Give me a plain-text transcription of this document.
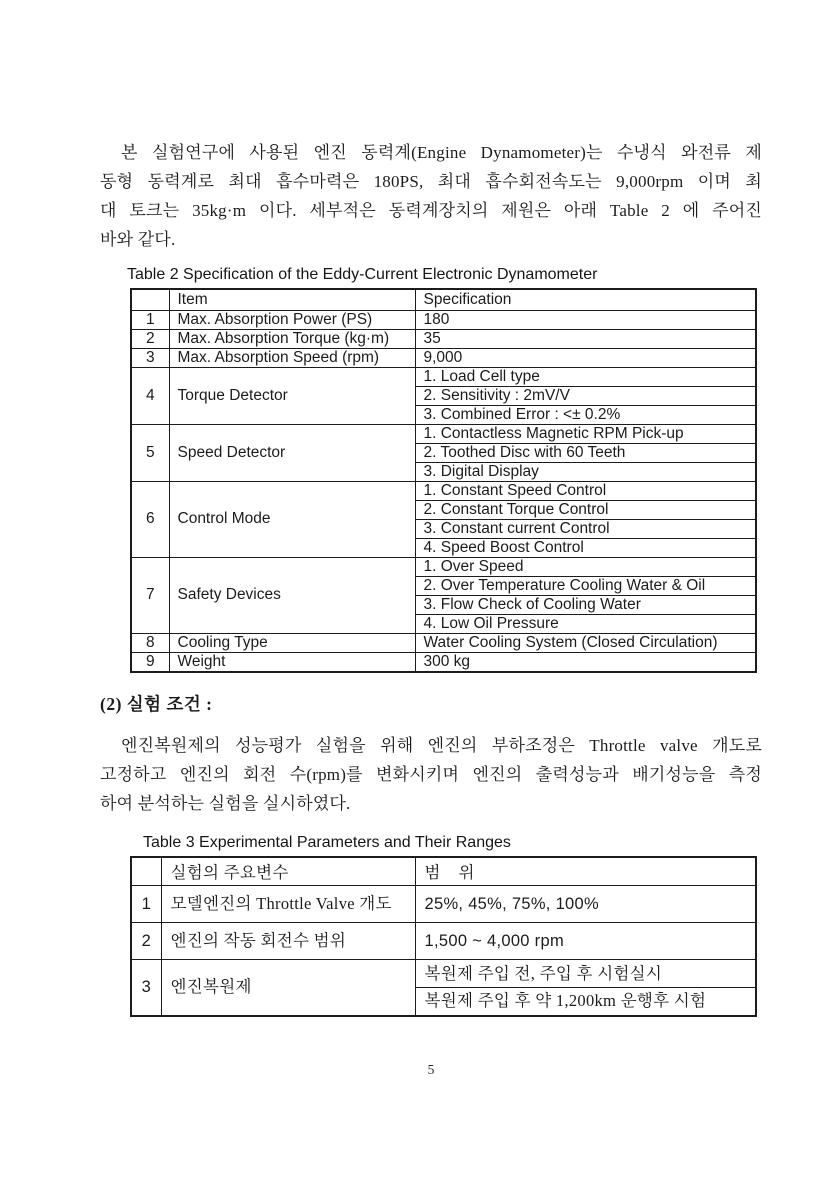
본 실험연구에 사용된 엔진 동력계(Engine Dynamometer)는 수냉식 와전류 제
동형 동력계로 최대 흡수마력은 180PS, 최대 흡수회전속도는 9,000rpm 이며 최
대 토크는 35kg·m 이다. 세부적은 동력계장치의 제원은 아래 Table 2 에 주어진
바와 같다.
Table 2 Specification of the Eddy-Current Electronic Dynamometer
	Item	Specification
1	Max. Absorption Power (PS)	180
2	Max. Absorption Torque (kg·m)	35
3	Max. Absorption Speed (rpm)	9,000
4	Torque Detector	1. Load Cell type
		2. Sensitivity : 2mV/V
		3. Combined Error : <± 0.2%
5	Speed Detector	1. Contactless Magnetic RPM Pick-up
		2. Toothed Disc with 60 Teeth
		3. Digital Display
6	Control Mode	1. Constant Speed Control
		2. Constant Torque Control
		3. Constant current Control
		4. Speed Boost Control
7	Safety Devices	1. Over Speed
		2. Over Temperature Cooling Water & Oil
		3. Flow Check of Cooling Water
		4. Low Oil Pressure
8	Cooling Type	Water Cooling System (Closed Circulation)
9	Weight	300 kg
(2) 실험 조건 :
엔진복원제의 성능평가 실험을 위해 엔진의 부하조정은 Throttle valve 개도로
고정하고 엔진의 회전 수(rpm)를 변화시키며 엔진의 출력성능과 배기성능을 측정
하여 분석하는 실험을 실시하였다.
Table 3 Experimental Parameters and Their Ranges
	실험의 주요변수	범    위
1	모델엔진의 Throttle Valve 개도	25%, 45%, 75%, 100%
2	엔진의 작동 회전수 범위	1,500 ~ 4,000 rpm
3	엔진복원제	복원제 주입 전, 주입 후 시험실시
		복원제 주입 후 약 1,200km 운행후 시험
5
